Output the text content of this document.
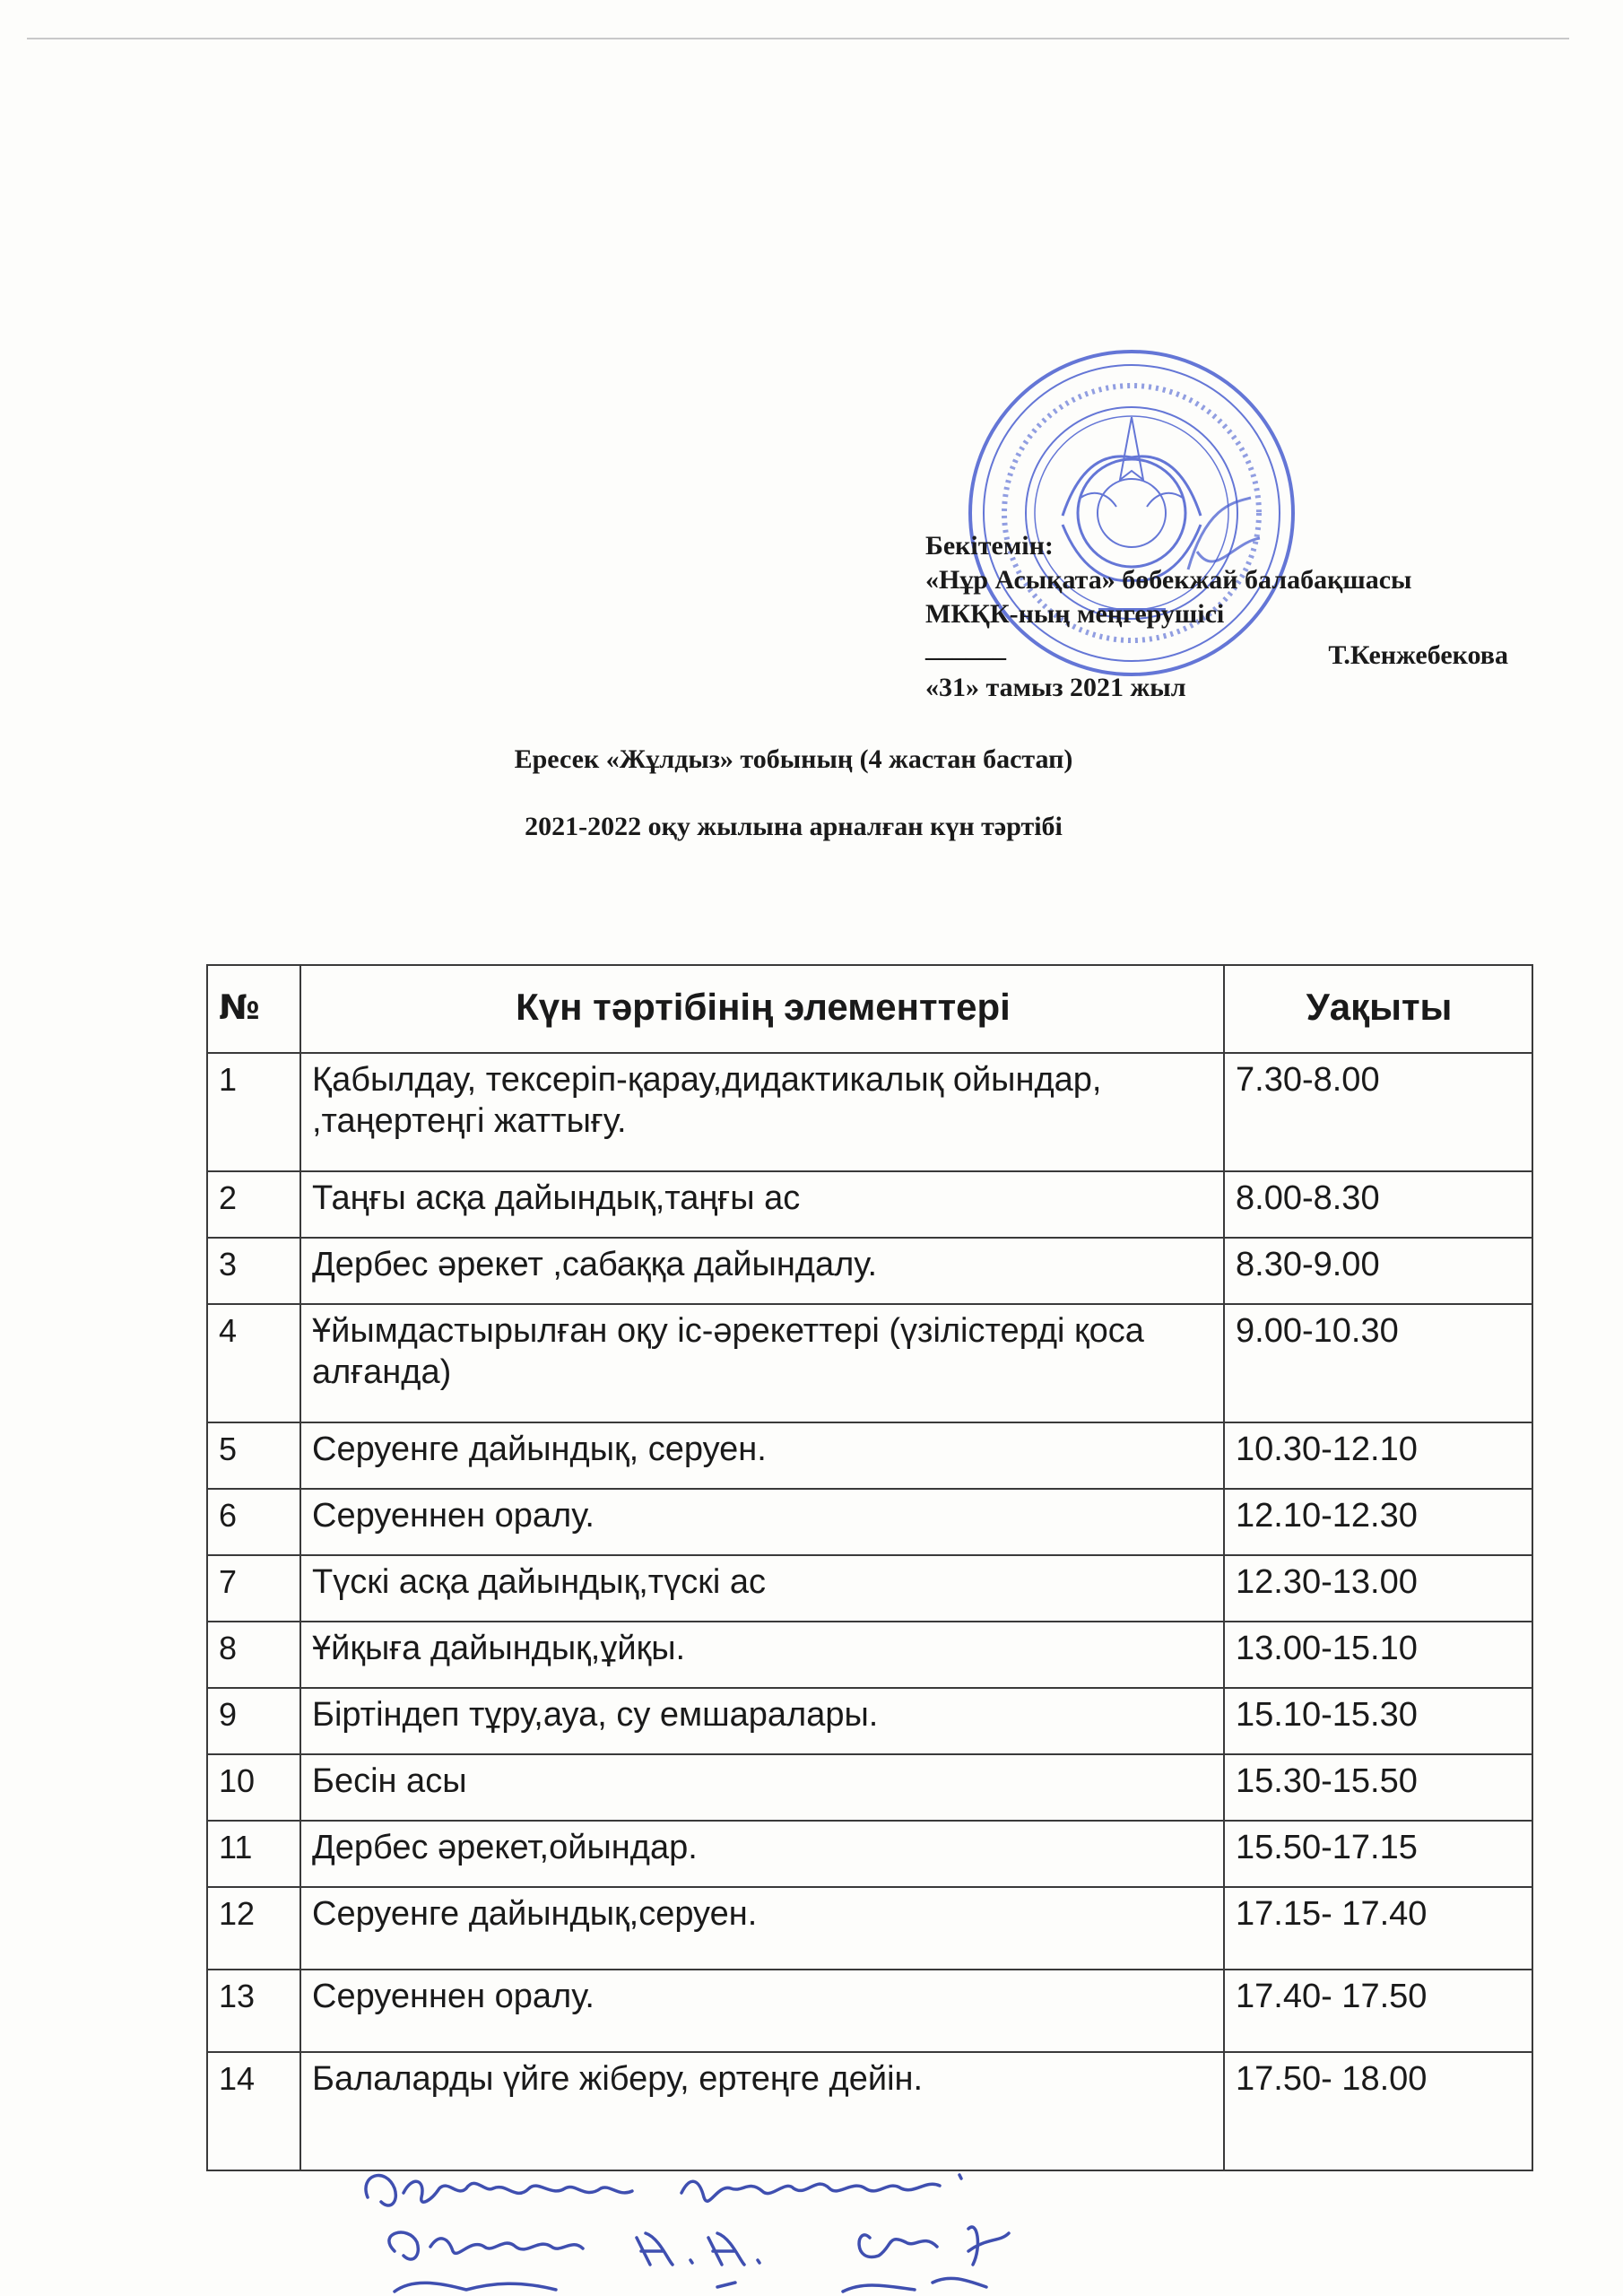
Бекітемін:
«Нұр Асықата» бөбекжай балабақшасы
МКҚК-ның меңгерушісі
______	Т.Кенжебекова
«31» тамыз 2021 жыл
Ересек «Жұлдыз» тобының (4 жастан бастап)
2021-2022 оқу жылына арналған күн тәртібі
№	Күн тәртібінің элементтері	Уақыты
1	Қабылдау, тексеріп-қарау,дидактикалық ойындар, ,таңертеңгі жаттығу.	7.30-8.00
2	Таңғы асқа дайындық,таңғы ас	8.00-8.30
3	Дербес әрекет ,сабаққа дайындалу.	8.30-9.00
4	Ұйымдастырылған оқу іс-әрекеттері (үзілістерді қоса алғанда)	9.00-10.30
5	Серуенге дайындық, серуен.	10.30-12.10
6	Серуеннен оралу.	12.10-12.30
7	Түскі асқа дайындық,түскі ас	12.30-13.00
8	Ұйқыға дайындық,ұйқы.	13.00-15.10
9	Біртіндеп тұру,ауа, су емшаралары.	15.10-15.30
10	Бесін асы	15.30-15.50
11	Дербес әрекет,ойындар.	15.50-17.15
12	Серуенге дайындық,серуен.	17.15- 17.40
13	Серуеннен оралу.	17.40- 17.50
14	Балаларды үйге жіберу, ертеңге дейін.	17.50- 18.00
